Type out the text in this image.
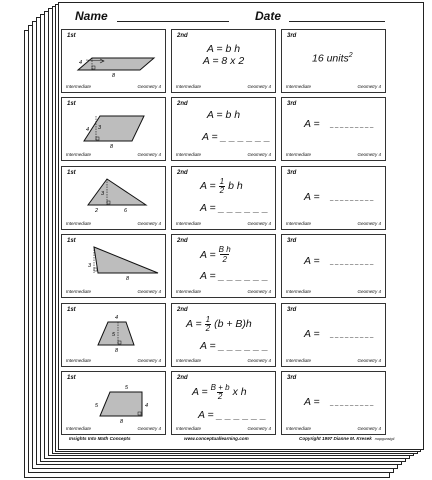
Name	Date
1st
4
8
Intermediate	Geometry 4
2nd
A = b h
A = 8 x 2
Intermediate	Geometry 4
3rd
16 units$^2$
Intermediate	Geometry 4
1st
3
4
8
Intermediate	Geometry 4
2nd
A = b h
A = _ _ _ _ _ _
Intermediate	Geometry 4
3rd
A = _ _ _ _ _ _ _ _ _
Intermediate	Geometry 4
1st
3
2	6
Intermediate	Geometry 4
2nd
$A = \frac{1}{2}$ b h
A = _ _ _ _ _ _
Intermediate	Geometry 4
3rd
A = _ _ _ _ _ _ _ _ _
Intermediate	Geometry 4
1st
3
8
Intermediate	Geometry 4
2nd
$A = \frac{\text{B h}}{2}$
A = _ _ _ _ _ _
Intermediate	Geometry 4
3rd
A = _ _ _ _ _ _ _ _ _
Intermediate	Geometry 4
1st
4
5
8
Intermediate	Geometry 4
2nd
$A = \frac{1}{2} (b + B)h$
A = _ _ _ _ _ _
Intermediate	Geometry 4
3rd
A = _ _ _ _ _ _ _ _ _
Intermediate	Geometry 4
1st
5
5	4
8
Intermediate	Geometry 4
2nd
$A = \frac{B + b}{2}$ x h
A = _ _ _ _ _ _
Intermediate	Geometry 4
3rd
A = _ _ _ _ _ _ _ _ _
Intermediate	Geometry 4
Insights Into Math Concepts	www.conceptuallearning.com	Copyright 1997 Dianne M. Kresek mapgunstg4
